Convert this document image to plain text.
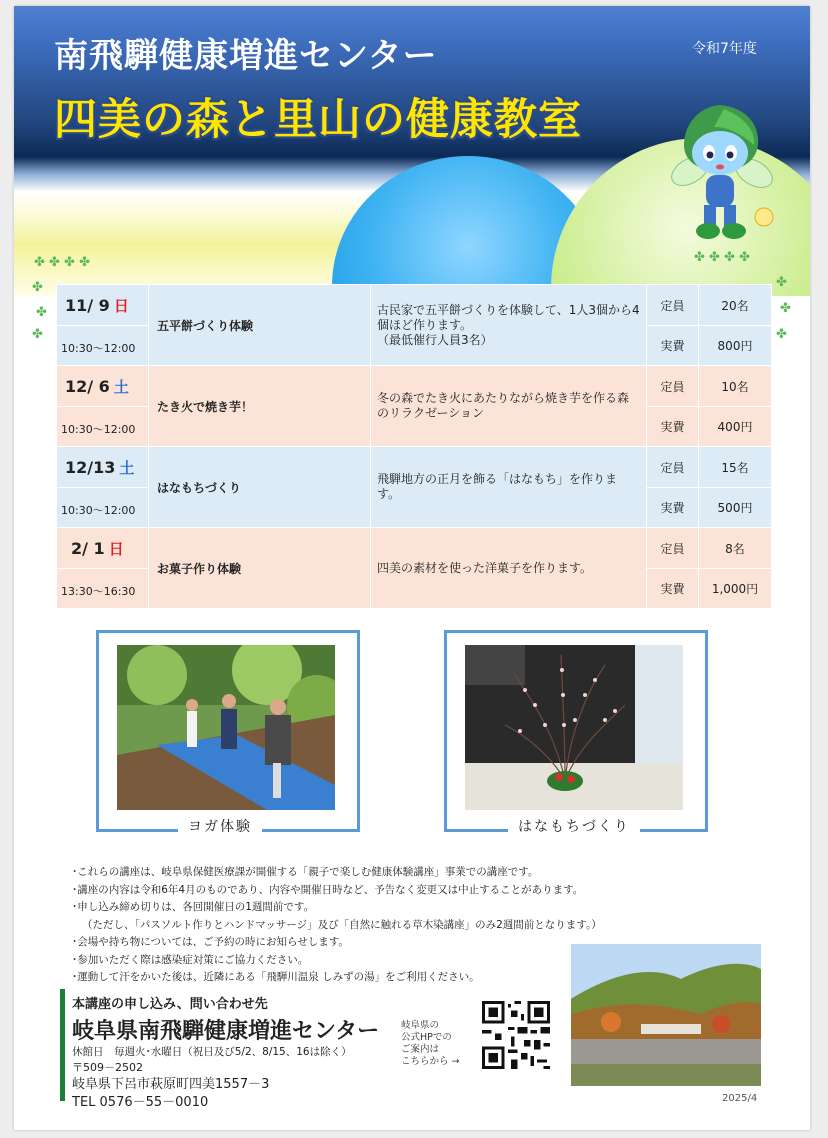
南飛騨健康増進センター
四美の森と里山の健康教室
令和7年度
✤ ✤ ✤ ✤
✤
✤
✤
✤ ✤ ✤ ✤
✤
✤
✤
11/ 9 日	五平餅づくり体験	古民家で五平餅づくりを体験して、1人3個から4個ほど作ります。
（最低催行人員3名）	定員	20名
10:30～12:00			実費	800円

12/ 6 土	たき火で焼き芋！	冬の森でたき火にあたりながら焼き芋を作る森のリラクゼーション	定員	10名
10:30～12:00			実費	400円

12/13 土	はなもちづくり	飛騨地方の正月を飾る「はなもち」を作ります。	定員	15名
10:30～12:00			実費	500円

2/ 1 日	お菓子作り体験	四美の素材を使った洋菓子を作ります。	定員	8名
13:30～16:30			実費	1,000円
ヨガ体験	はなもちづくり
･これらの講座は、岐阜県保健医療課が開催する「親子で楽しむ健康体験講座」事業での講座です。
･講座の内容は令和6年4月のものであり、内容や開催日時など、予告なく変更又は中止することがあります。
･申し込み締め切りは、各回開催日の1週間前です。
（ただし、「パスソルト作りとハンドマッサージ」及び「自然に触れる草木染講座」のみ2週間前となります。）
･会場や持ち物については、ご予約の時にお知らせします。
･参加いただく際は感染症対策にご協力ください。
･運動して汗をかいた後は、近隣にある「飛騨川温泉 しみずの湯」をご利用ください。
本講座の申し込み、問い合わせ先
岐阜県南飛騨健康増進センター
休館日　毎週火･水曜日（祝日及び5/2、8/15、16は除く）
〒509－2502
岐阜県下呂市萩原町四美1557－3
TEL 0576－55－0010
岐阜県の
公式HPでの
ご案内は
こちらから →
2025/4
